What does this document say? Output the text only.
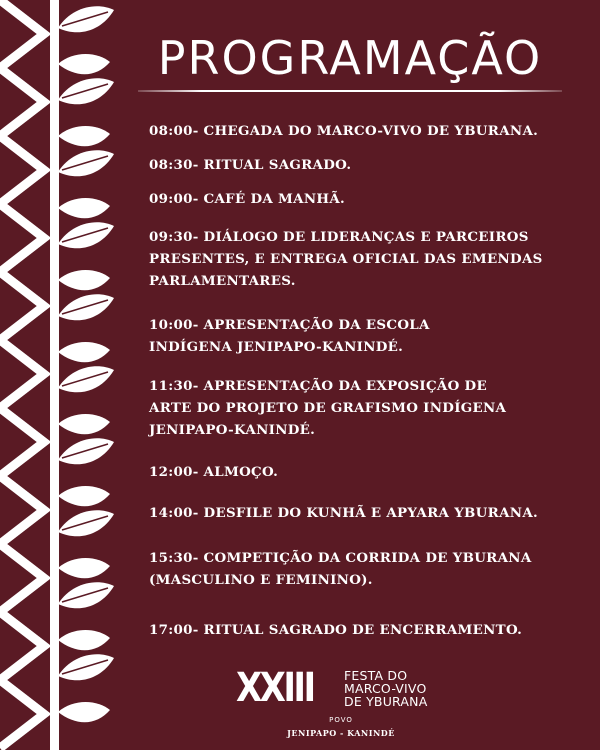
PROGRAMAÇÃO
08:00- CHEGADA DO MARCO-VIVO DE YBURANA.
08:30- RITUAL SAGRADO.
09:00- CAFÉ DA MANHÃ.
09:30- DIÁLOGO DE LIDERANÇAS E PARCEIROS PRESENTES, E ENTREGA OFICIAL DAS EMENDAS PARLAMENTARES.
10:00- APRESENTAÇÃO DA ESCOLA INDÍGENA JENIPAPO-KANINDÉ.
11:30- APRESENTAÇÃO DA EXPOSIÇÃO DE ARTE DO PROJETO DE GRAFISMO INDÍGENA JENIPAPO-KANINDÉ.
12:00- ALMOÇO.
14:00- DESFILE DO KUNHÃ E APYARA YBURANA.
15:30- COMPETIÇÃO DA CORRIDA DE YBURANA (MASCULINO E FEMININO).
17:00- RITUAL SAGRADO DE ENCERRAMENTO.
XXIII FESTA DO
MARCO-VIVO
DE YBURANA
POVO
JENIPAPO - KANINDÉ
